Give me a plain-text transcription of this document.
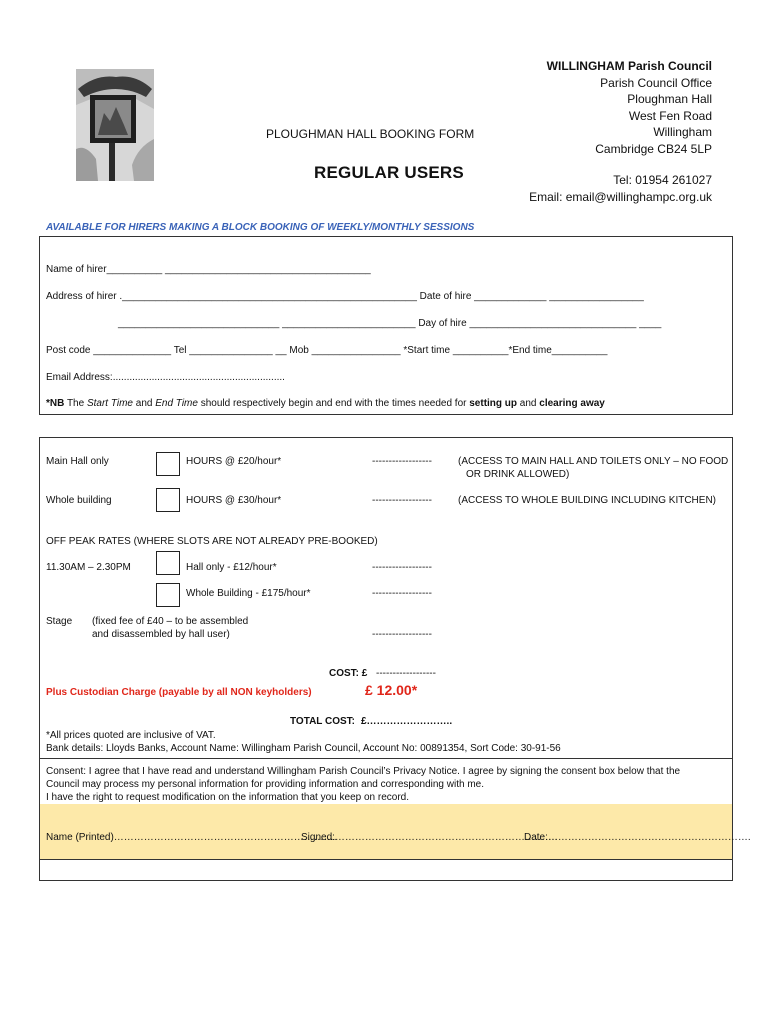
PLOUGHMAN HALL BOOKING FORM
REGULAR USERS
WILLINGHAM Parish Council
Parish Council Office
Ploughman Hall
West Fen Road
Willingham
Cambridge CB24 5LP
Tel: 01954 261027
Email: email@willinghampc.org.uk
AVAILABLE FOR HIRERS MAKING A BLOCK BOOKING OF WEEKLY/MONTHLY SESSIONS
Name of hirer__________ _____________________________________
Address of hirer ._____________________________________________________ Date of hire _____________ _________________
_____________________________ ________________________ Day of hire ______________________________ ____
Post code ______________ Tel _______________ __ Mob ________________ *Start time __________*End time__________
Email Address:..............................................................
*NB The Start Time and End Time should respectively begin and end with the times needed for setting up and clearing away
Main Hall only	HOURS @ £20/hour*	------------------	(ACCESS TO MAIN HALL AND TOILETS ONLY – NO FOOD
OR DRINK ALLOWED)
Whole building	HOURS @ £30/hour*	------------------	(ACCESS TO WHOLE BUILDING INCLUDING KITCHEN)
OFF PEAK RATES (WHERE SLOTS ARE NOT ALREADY PRE-BOOKED)
11.30AM – 2.30PM	Hall only - £12/hour*	------------------
Whole Building - £175/hour*	------------------
Stage (fixed fee of £40 – to be assembled
and disassembled by hall user)	------------------
COST: £ ------------------
Plus Custodian Charge (payable by all NON keyholders)	£ 12.00*
TOTAL COST: £……………………..
*All prices quoted are inclusive of VAT.
Bank details: Lloyds Banks, Account Name: Willingham Parish Council, Account No: 00891354, Sort Code: 30-91-56
Consent: I agree that I have read and understand Willingham Parish Council’s Privacy Notice. I agree by signing the consent box below that the
Council may process my personal information for providing information and corresponding with me.
I have the right to request modification on the information that you keep on record.
Name (Printed)………………………………………………………….
Signed:………………………………………………………….
Date:…………………………………………………….
